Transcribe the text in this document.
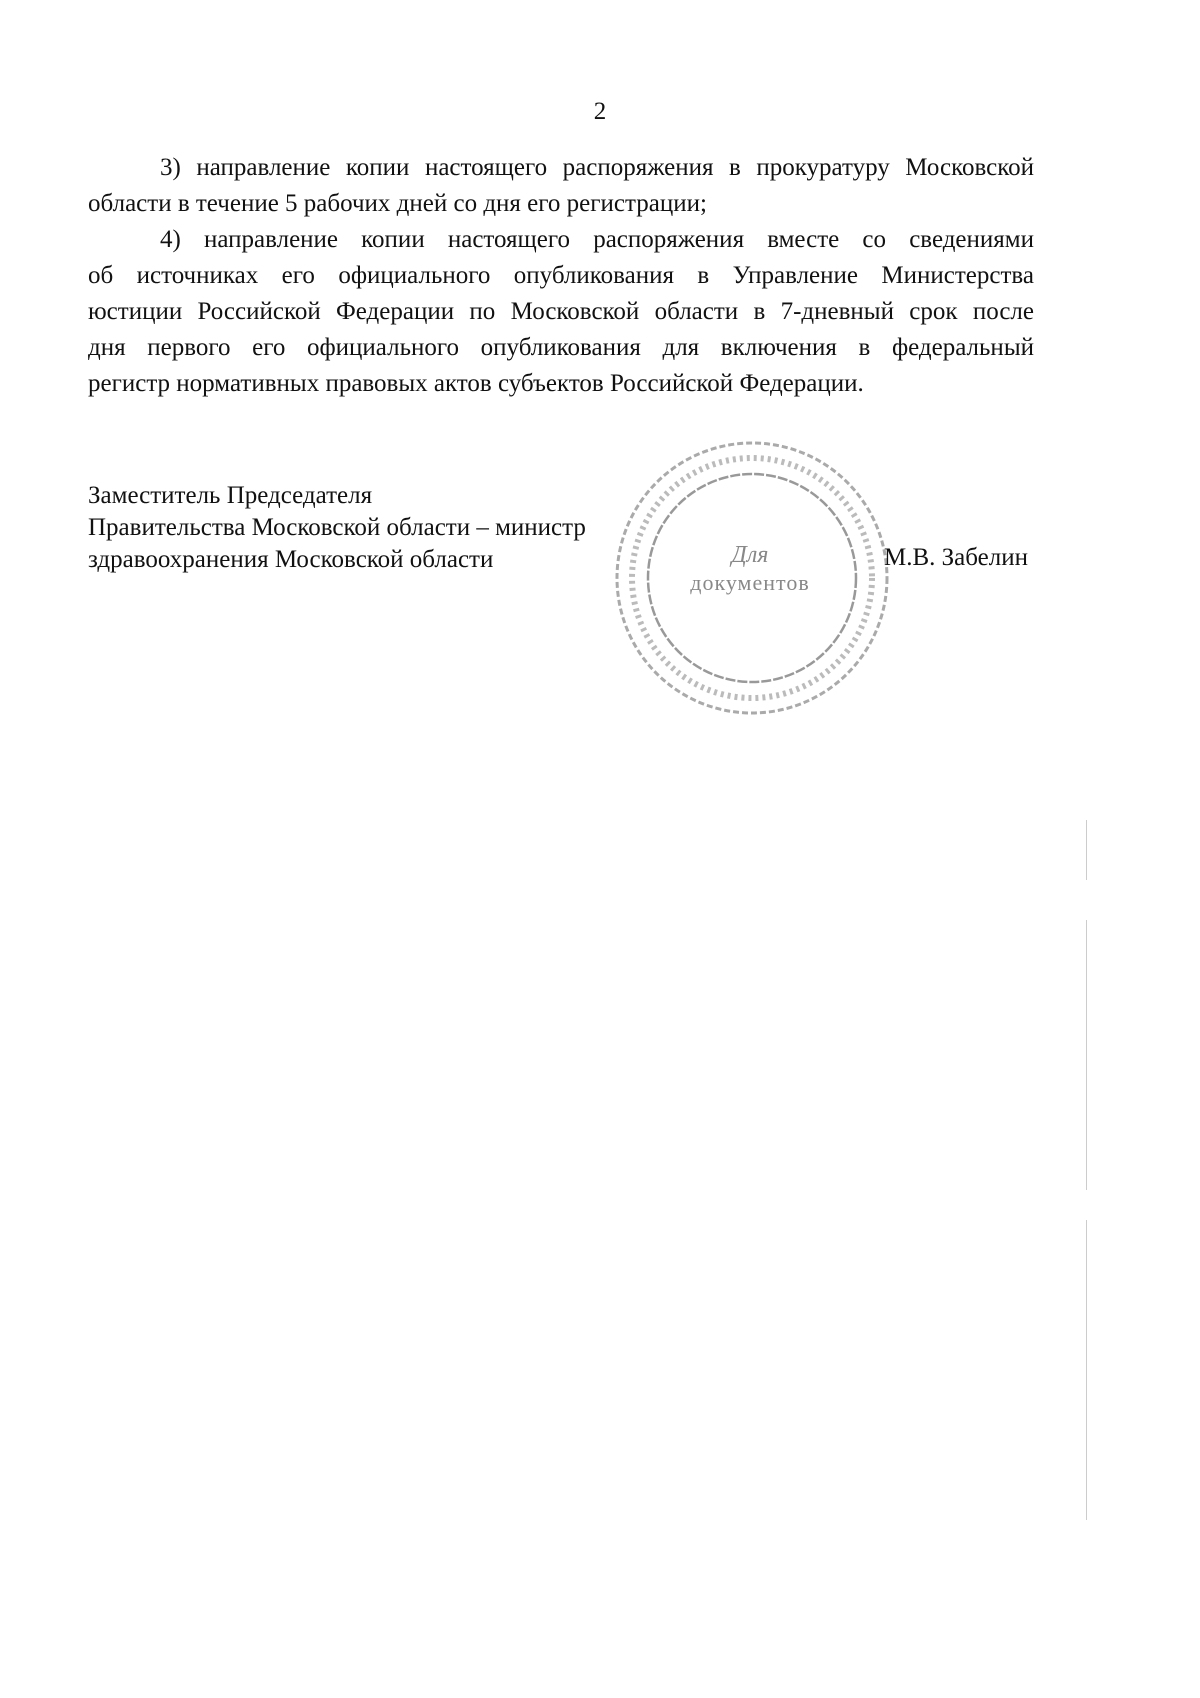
2
3) направление копии настоящего распоряжения в прокуратуру Московской
области в течение 5 рабочих дней со дня его регистрации;
4) направление копии настоящего распоряжения вместе со сведениями
об источниках его официального опубликования в Управление Министерства
юстиции Российской Федерации по Московской области в 7-дневный срок после
дня первого его официального опубликования для включения в федеральный
регистр нормативных правовых актов субъектов Российской Федерации.
Заместитель Председателя
Правительства Московской области – министр
здравоохранения Московской области	Для
документов
М.В. Забелин
